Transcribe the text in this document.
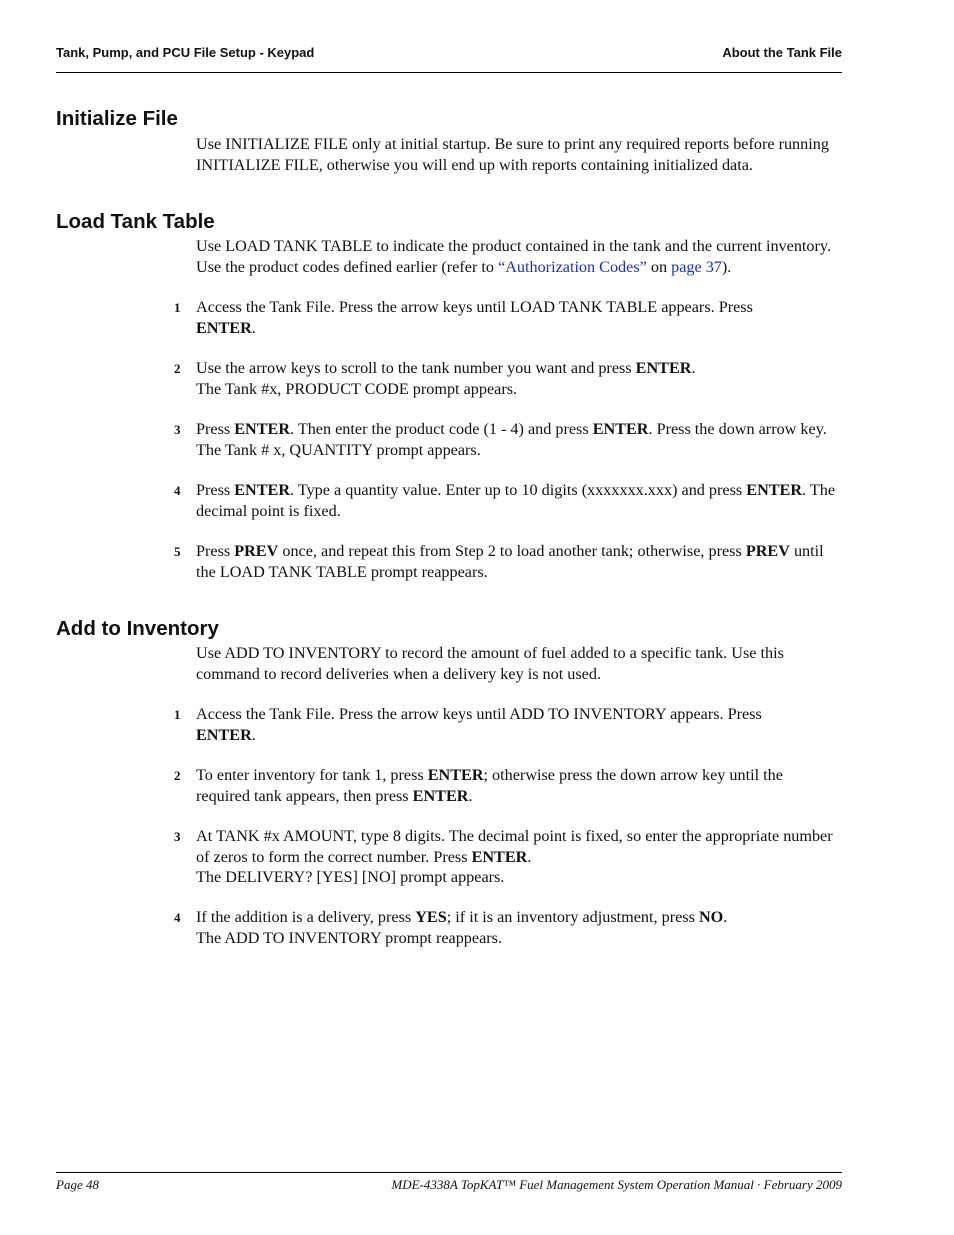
Tank, Pump, and PCU File Setup - Keypad	About the Tank File
Initialize File

Use INITIALIZE FILE only at initial startup. Be sure to print any required reports before running INITIALIZE FILE, otherwise you will end up with reports containing initialized data.

Load Tank Table

Use LOAD TANK TABLE to indicate the product contained in the tank and the current inventory. Use the product codes defined earlier (refer to “Authorization Codes” on page 37).

1 Access the Tank File. Press the arrow keys until LOAD TANK TABLE appears. Press ENTER.

2 Use the arrow keys to scroll to the tank number you want and press ENTER.
The Tank #x, PRODUCT CODE prompt appears.

3 Press ENTER. Then enter the product code (1 - 4) and press ENTER. Press the down arrow key. The Tank # x, QUANTITY prompt appears.

4 Press ENTER. Type a quantity value. Enter up to 10 digits (xxxxxxx.xxx) and press ENTER. The decimal point is fixed.

5 Press PREV once, and repeat this from Step 2 to load another tank; otherwise, press PREV until the LOAD TANK TABLE prompt reappears.

Add to Inventory

Use ADD TO INVENTORY to record the amount of fuel added to a specific tank. Use this command to record deliveries when a delivery key is not used.

1 Access the Tank File. Press the arrow keys until ADD TO INVENTORY appears. Press ENTER.

2 To enter inventory for tank 1, press ENTER; otherwise press the down arrow key until the required tank appears, then press ENTER.

3 At TANK #x AMOUNT, type 8 digits. The decimal point is fixed, so enter the appropriate number of zeros to form the correct number. Press ENTER.
The DELIVERY? [YES] [NO] prompt appears.

4 If the addition is a delivery, press YES; if it is an inventory adjustment, press NO.
The ADD TO INVENTORY prompt reappears.

Page 48	MDE-4338A TopKAT™ Fuel Management System Operation Manual · February 2009
